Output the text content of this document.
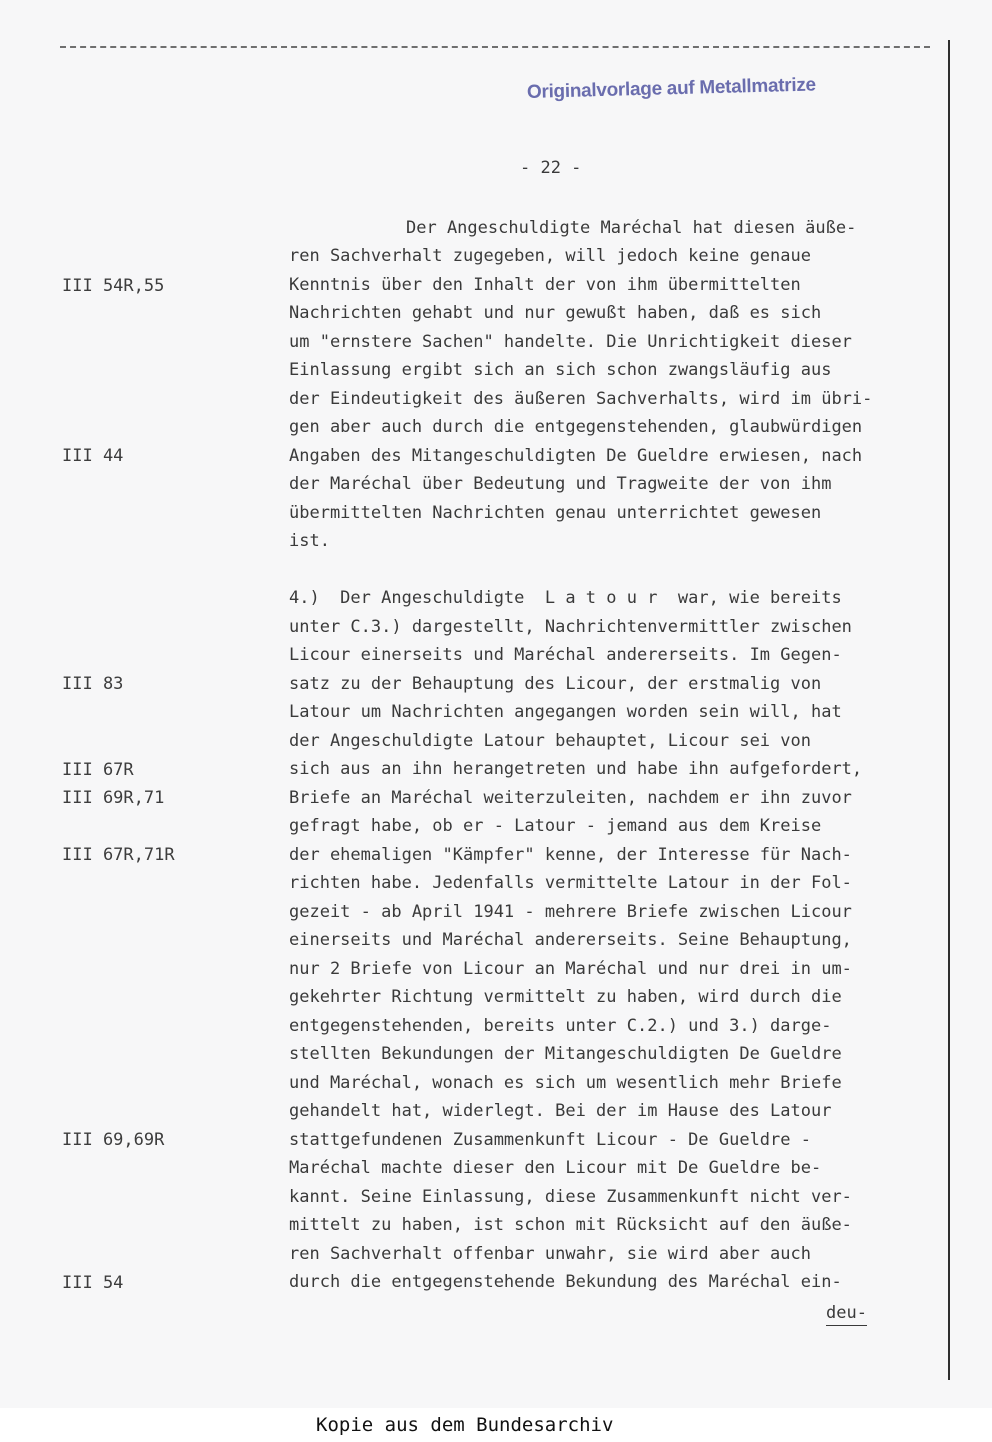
Originalvorlage auf Metallmatrize
- 22 -
III 54R,55
III 44
III 83
III 67R
III 69R,71
III 67R,71R
III 69,69R
III 54
Der Angeschuldigte Maréchal hat diesen äuße-
ren Sachverhalt zugegeben, will jedoch keine genaue
Kenntnis über den Inhalt der von ihm übermittelten
Nachrichten gehabt und nur gewußt haben, daß es sich
um "ernstere Sachen" handelte. Die Unrichtigkeit dieser
Einlassung ergibt sich an sich schon zwangsläufig aus
der Eindeutigkeit des äußeren Sachverhalts, wird im übri-
gen aber auch durch die entgegenstehenden, glaubwürdigen
Angaben des Mitangeschuldigten De Gueldre erwiesen, nach
der Maréchal über Bedeutung und Tragweite der von ihm
übermittelten Nachrichten genau unterrichtet gewesen
ist.
4.)  Der Angeschuldigte  L a t o u r  war, wie bereits
unter C.3.) dargestellt, Nachrichtenvermittler zwischen
Licour einerseits und Maréchal andererseits. Im Gegen-
satz zu der Behauptung des Licour, der erstmalig von
Latour um Nachrichten angegangen worden sein will, hat
der Angeschuldigte Latour behauptet, Licour sei von
sich aus an ihn herangetreten und habe ihn aufgefordert,
Briefe an Maréchal weiterzuleiten, nachdem er ihn zuvor
gefragt habe, ob er - Latour - jemand aus dem Kreise
der ehemaligen "Kämpfer" kenne, der Interesse für Nach-
richten habe. Jedenfalls vermittelte Latour in der Fol-
gezeit - ab April 1941 - mehrere Briefe zwischen Licour
einerseits und Maréchal andererseits. Seine Behauptung,
nur 2 Briefe von Licour an Maréchal und nur drei in um-
gekehrter Richtung vermittelt zu haben, wird durch die
entgegenstehenden, bereits unter C.2.) und 3.) darge-
stellten Bekundungen der Mitangeschuldigten De Gueldre
und Maréchal, wonach es sich um wesentlich mehr Briefe
gehandelt hat, widerlegt. Bei der im Hause des Latour
stattgefundenen Zusammenkunft Licour - De Gueldre -
Maréchal machte dieser den Licour mit De Gueldre be-
kannt. Seine Einlassung, diese Zusammenkunft nicht ver-
mittelt zu haben, ist schon mit Rücksicht auf den äuße-
ren Sachverhalt offenbar unwahr, sie wird aber auch
durch die entgegenstehende Bekundung des Maréchal ein-
deu-
Kopie aus dem Bundesarchiv
